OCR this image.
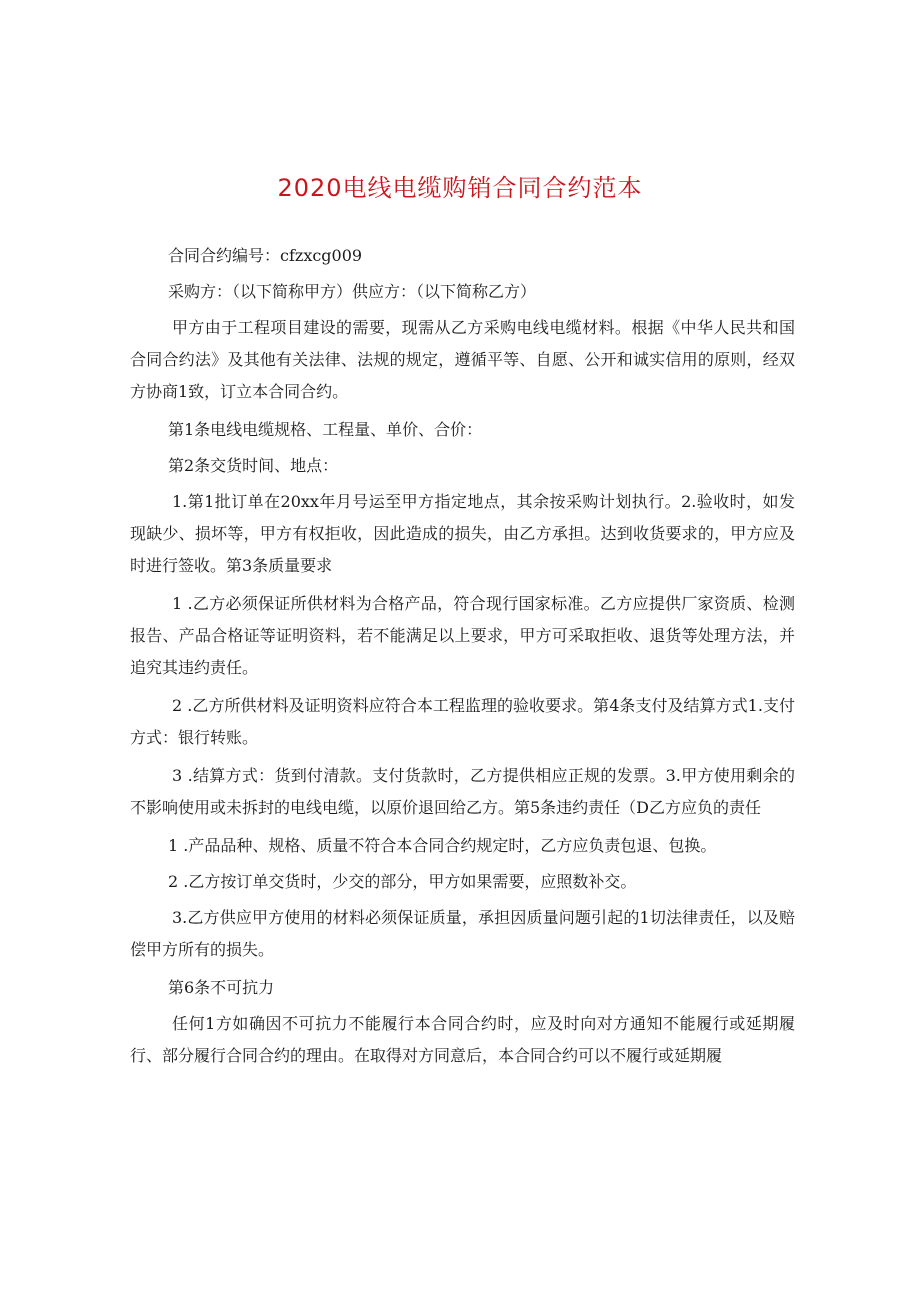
2020电线电缆购销合同合约范本

合同合约编号：cfzxcg009

采购方：（以下简称甲方）供应方：（以下简称乙方）

甲方由于工程项目建设的需要，现需从乙方采购电线电缆材料。根据《中华人民共和国合同合约法》及其他有关法律、法规的规定，遵循平等、自愿、公开和诚实信用的原则，经双方协商1致，订立本合同合约。

第1条电线电缆规格、工程量、单价、合价：

第2条交货时间、地点：

1.第1批订单在20xx年月号运至甲方指定地点，其余按采购计划执行。2.验收时，如发现缺少、损坏等，甲方有权拒收，因此造成的损失，由乙方承担。达到收货要求的，甲方应及时进行签收。第3条质量要求

1 .乙方必须保证所供材料为合格产品，符合现行国家标准。乙方应提供厂家资质、检测报告、产品合格证等证明资料，若不能满足以上要求，甲方可采取拒收、退货等处理方法，并追究其违约责任。

2 .乙方所供材料及证明资料应符合本工程监理的验收要求。第4条支付及结算方式1.支付方式：银行转账。

3 .结算方式：货到付清款。支付货款时，乙方提供相应正规的发票。3.甲方使用剩余的不影响使用或未拆封的电线电缆，以原价退回给乙方。第5条违约责任（D乙方应负的责任

1 .产品品种、规格、质量不符合本合同合约规定时，乙方应负责包退、包换。

2 .乙方按订单交货时，少交的部分，甲方如果需要，应照数补交。

3.乙方供应甲方使用的材料必须保证质量，承担因质量问题引起的1切法律责任，以及赔偿甲方所有的损失。

第6条不可抗力

任何1方如确因不可抗力不能履行本合同合约时，应及时向对方通知不能履行或延期履行、部分履行合同合约的理由。在取得对方同意后，本合同合约可以不履行或延期履
